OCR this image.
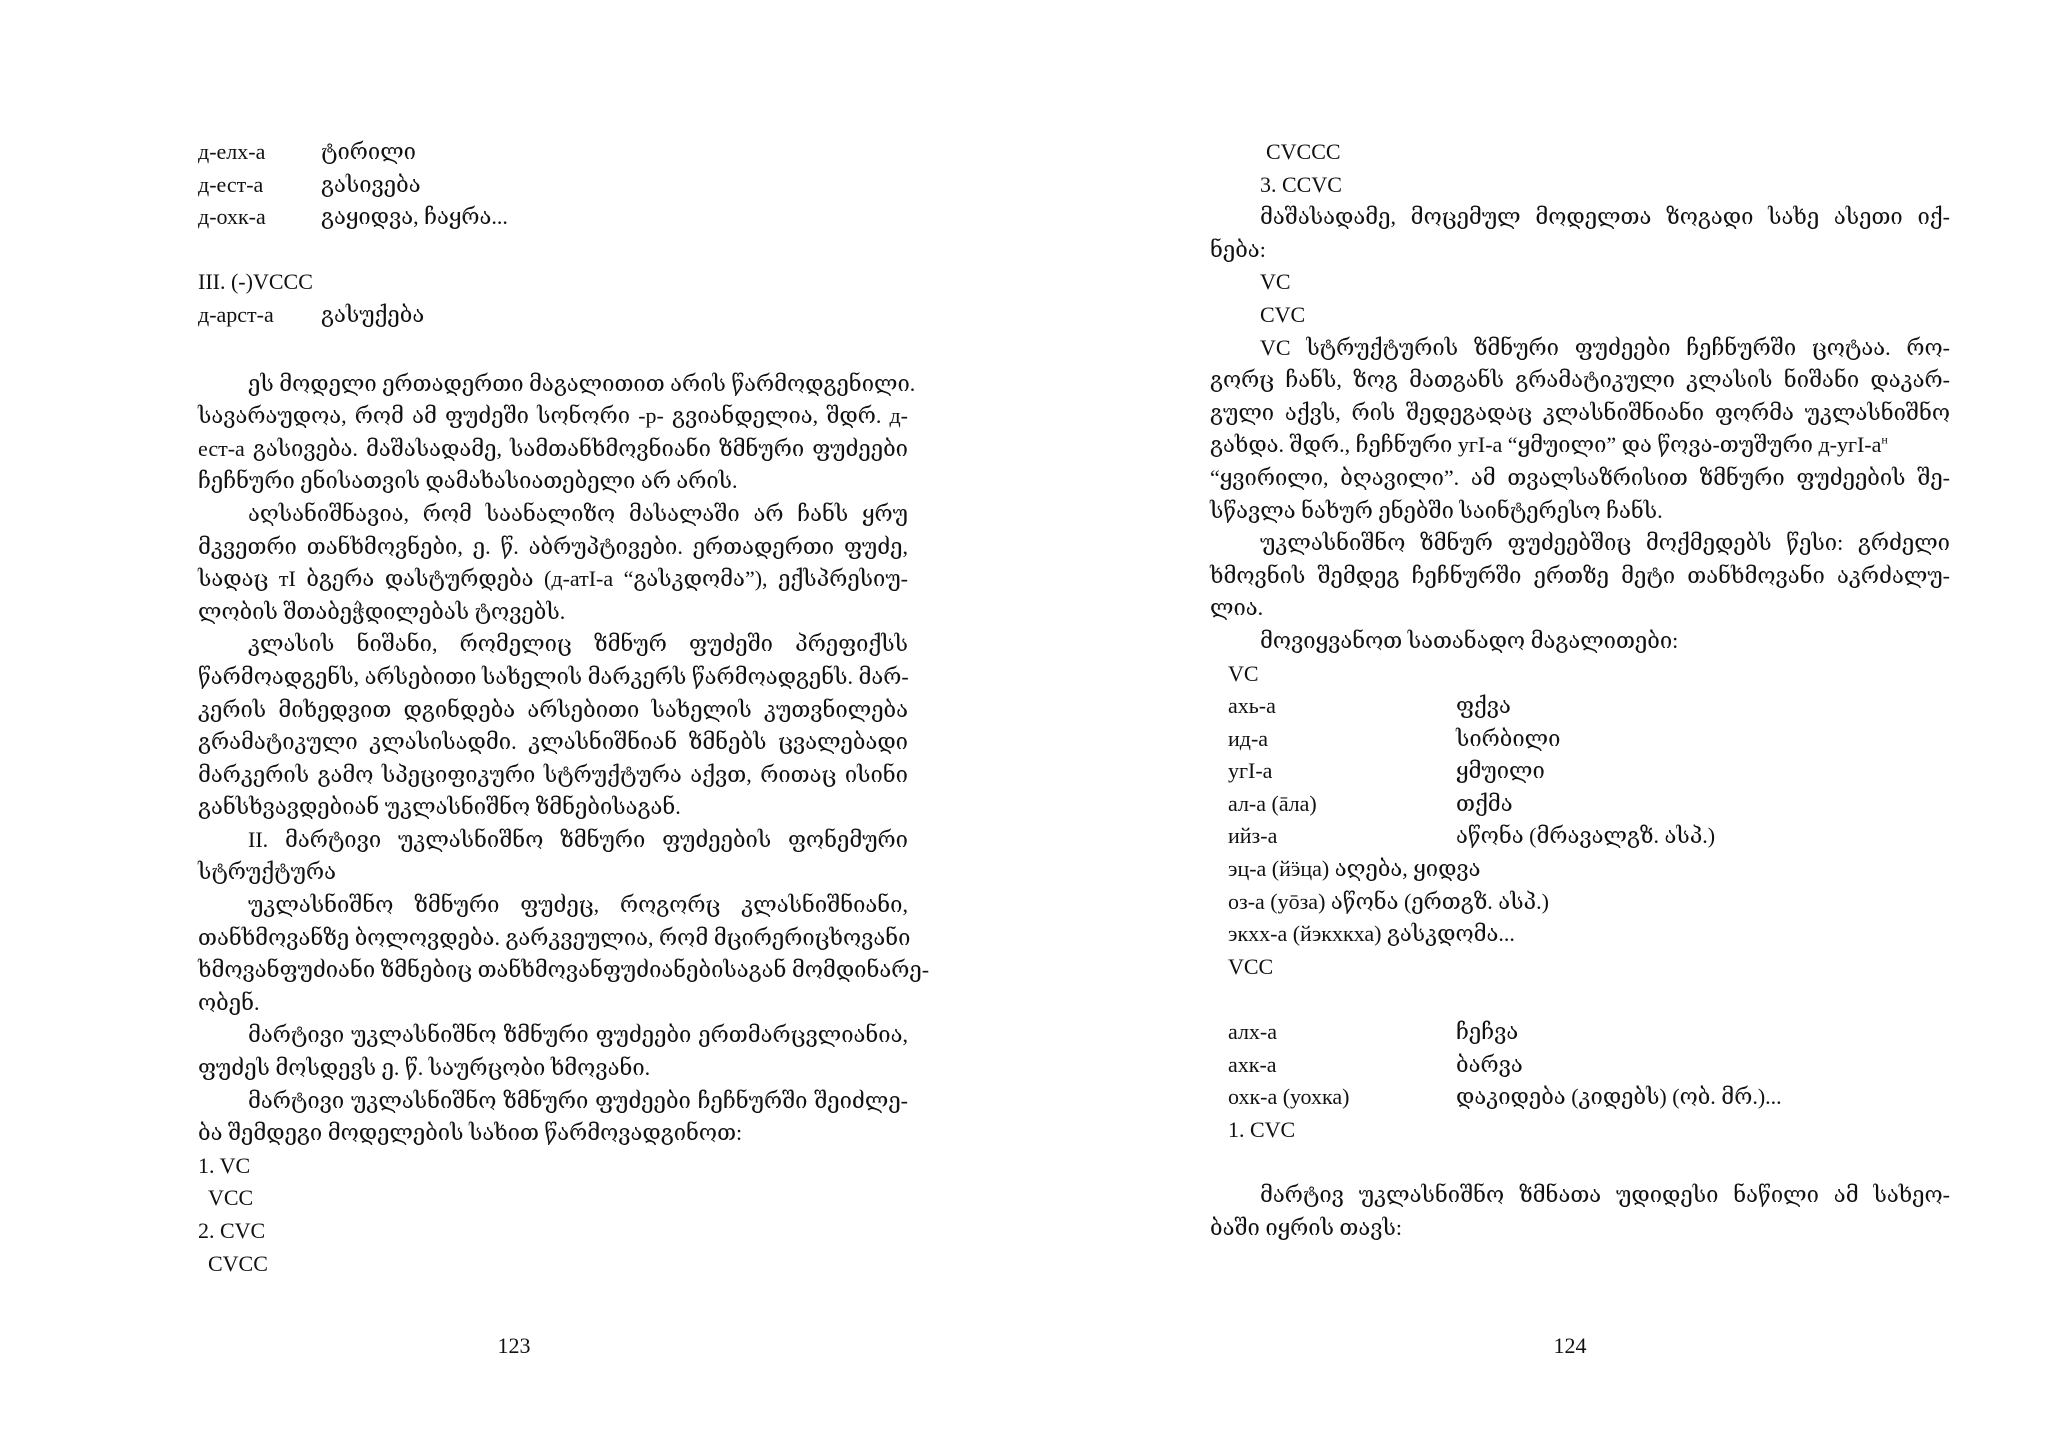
д-елх-а	ტირილი
д-ест-а	გასივება
д-охк-а	გაყიდვა, ჩაყრა...
III. (-)VCCC
д-арст-а გასუქება
ეს მოდელი ერთადერთი მაგალითით არის წარმოდგენილი.
სავარაუდოა, რომ ამ ფუძეში სონორი -р- გვიანდელია, შდრ. д-
ест-а გასივება. მაშასადამე, სამთანხმოვნიანი ზმნური ფუძეები
ჩეჩნური ენისათვის დამახასიათებელი არ არის.
აღსანიშნავია, რომ საანალიზო მასალაში არ ჩანს ყრუ
მკვეთრი თანხმოვნები, ე. წ. აბრუპტივები. ერთადერთი ფუძე,
სადაც тӀ ბგერა დასტურდება (д-атӀ-а “გასკდომა”), ექსპრესიუ-
ლობის შთაბეჭდილებას ტოვებს.
კლასის ნიშანი, რომელიც ზმნურ ფუძეში პრეფიქსს
წარმოადგენს, არსებითი სახელის მარკერს წარმოადგენს. მარ-
კერის მიხედვით დგინდება არსებითი სახელის კუთვნილება
გრამატიკული კლასისადმი. კლასნიშნიან ზმნებს ცვალებადი
მარკერის გამო სპეციფიკური სტრუქტურა აქვთ, რითაც ისინი
განსხვავდებიან უკლასნიშნო ზმნებისაგან.
II. მარტივი უკლასნიშნო ზმნური ფუძეების ფონემური
სტრუქტურა
უკლასნიშნო ზმნური ფუძეც, როგორც კლასნიშნიანი,
თანხმოვანზე ბოლოვდება. გარკვეულია, რომ მცირერიცხოვანი
ხმოვანფუძიანი ზმნებიც თანხმოვანფუძიანებისაგან მომდინარე-
ობენ.
მარტივი უკლასნიშნო ზმნური ფუძეები ერთმარცვლიანია,
ფუძეს მოსდევს ე. წ. საურცობი ხმოვანი.
მარტივი უკლასნიშნო ზმნური ფუძეები ჩეჩნურში შეიძლე-
ბა შემდეგი მოდელების სახით წარმოვადგინოთ:
1. VC
VCC
2. CVC
CVCC
123
CVCCC
3. CCVC
მაშასადამე, მოცემულ მოდელთა ზოგადი სახე ასეთი იქ-
ნება:
VC
CVC
VC სტრუქტურის ზმნური ფუძეები ჩეჩნურში ცოტაა. რო-
გორც ჩანს, ზოგ მათგანს გრამატიკული კლასის ნიშანი დაკარ-
გული აქვს, რის შედეგადაც კლასნიშნიანი ფორმა უკლასნიშნო
გახდა. შდრ., ჩეჩნური угӀ-а “ყმუილი” და წოვა-თუშური $д-угӀ-а^н$
“ყვირილი, ბღავილი”. ამ თვალსაზრისით ზმნური ფუძეების შე-
სწავლა ნახურ ენებში საინტერესო ჩანს.
უკლასნიშნო ზმნურ ფუძეებშიც მოქმედებს წესი: გრძელი
ხმოვნის შემდეგ ჩეჩნურში ერთზე მეტი თანხმოვანი აკრძალუ-
ლია.
მოვიყვანოთ სათანადო მაგალითები:
VC
ахь-а	ფქვა
ид-а	სირბილი
угӀ-а	ყმუილი
ал-а (āла)	თქმა
ийз-а	აწონა (მრავალგზ. ასპ.)
эц-а (йӭца) აღება, ყიდვა
оз-а (уōза) აწონა (ერთგზ. ასპ.)
экхх-а (йэкхкха) გასკდომა...
VCC
алх-а	ჩეჩვა
ахк-а	ბარვა
охк-а (уохка)	დაკიდება (კიდებს) (ობ. მრ.)...
1. CVC
მარტივ უკლასნიშნო ზმნათა უდიდესი ნაწილი ამ სახეო-
ბაში იყრის თავს:
124
